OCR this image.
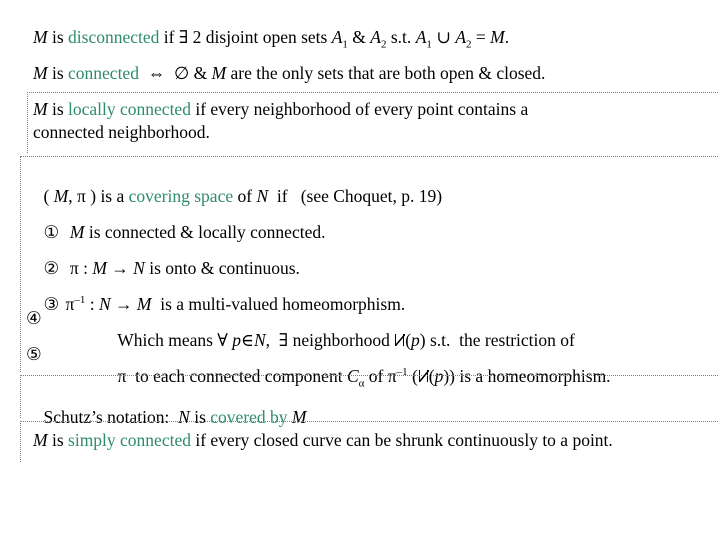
M is disconnected if ∃ 2 disjoint open sets $A_1$ & $A_2$ s.t. $A_1$ ∪ $A_2 = M$.
M is connected  ⇔  ∅ & M are the only sets that are both open & closed.
M is locally connected if every neighborhood of every point contains a
connected neighborhood.

( M, π ) is a covering space of N  if   (see Choquet, p. 19)

① M is connected & locally connected.

② π : M → N is onto & continuous.

③ $\pi^{-1}$ : N → M  is a multi-valued homeomorphism.

④

Which means ∀ p∈N,  ∃ neighborhood (p) s.t.  the restriction of

⑤

π  to each connected component $C_\alpha$ of $\pi^{-1}$ ( (p)) is a homeomorphism.

Schutz’s notation:  N is covered by M

M is simply connected if every closed curve can be shrunk continuously to a point.
